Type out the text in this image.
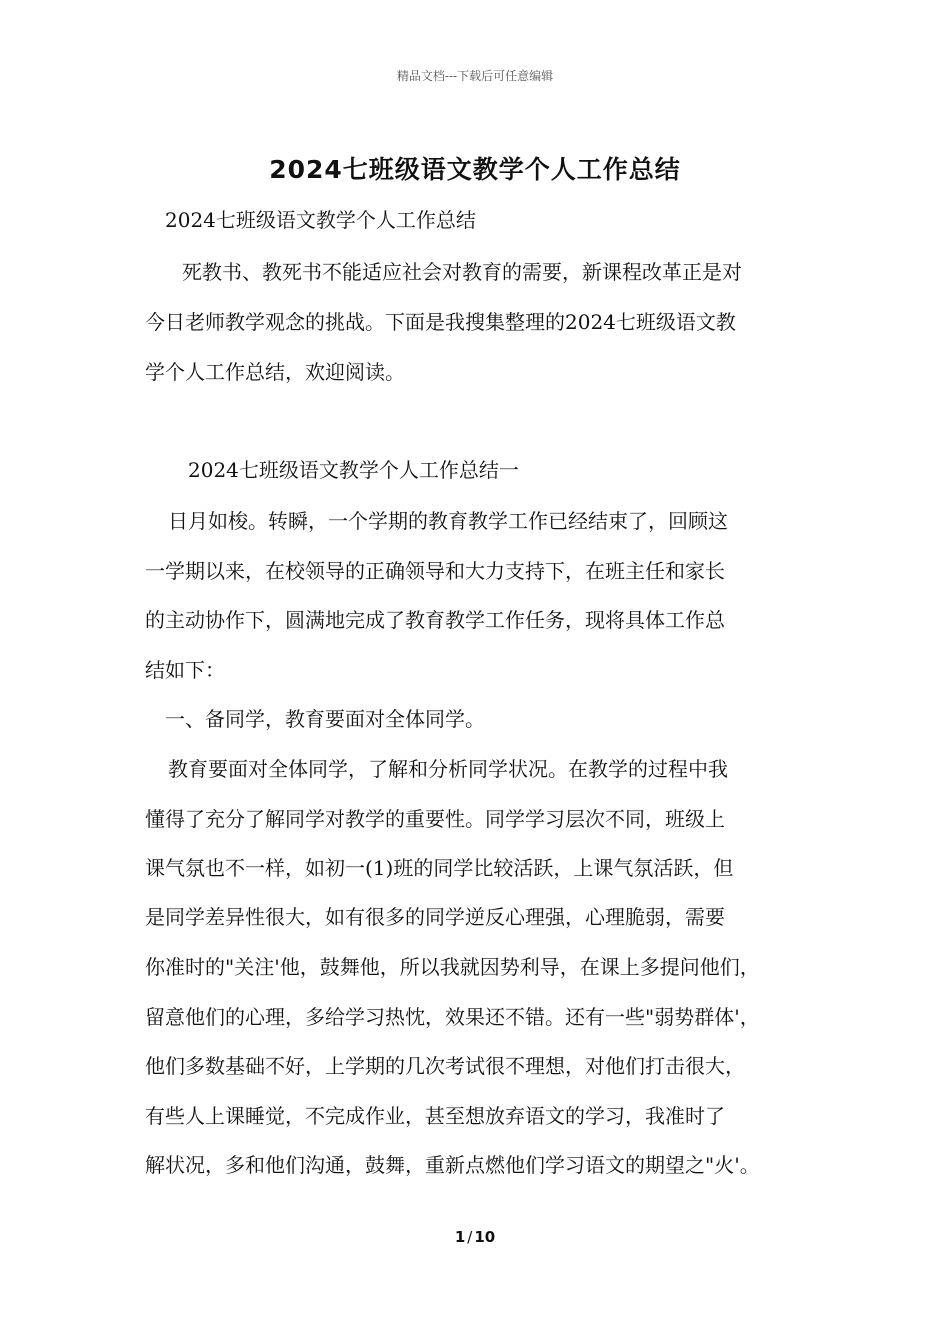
精品文档---下载后可任意编辑
2024七班级语文教学个人工作总结
2024七班级语文教学个人工作总结
死教书、教死书不能适应社会对教育的需要，新课程改革正是对
今日老师教学观念的挑战。下面是我搜集整理的2024七班级语文教
学个人工作总结，欢迎阅读。
2024七班级语文教学个人工作总结一
日月如梭。转瞬，一个学期的教育教学工作已经结束了，回顾这
一学期以来，在校领导的正确领导和大力支持下，在班主任和家长
的主动协作下，圆满地完成了教育教学工作任务，现将具体工作总
结如下：
一、备同学，教育要面对全体同学。
教育要面对全体同学，了解和分析同学状况。在教学的过程中我
懂得了充分了解同学对教学的重要性。同学学习层次不同，班级上
课气氛也不一样，如初一(1)班的同学比较活跃，上课气氛活跃，但
是同学差异性很大，如有很多的同学逆反心理强，心理脆弱，需要
你准时的"关注'他，鼓舞他，所以我就因势利导，在课上多提问他们，
留意他们的心理，多给学习热忱，效果还不错。还有一些"弱势群体'，
他们多数基础不好，上学期的几次考试很不理想，对他们打击很大，
有些人上课睡觉，不完成作业，甚至想放弃语文的学习，我准时了
解状况，多和他们沟通，鼓舞，重新点燃他们学习语文的期望之"火'。
1 / 10
